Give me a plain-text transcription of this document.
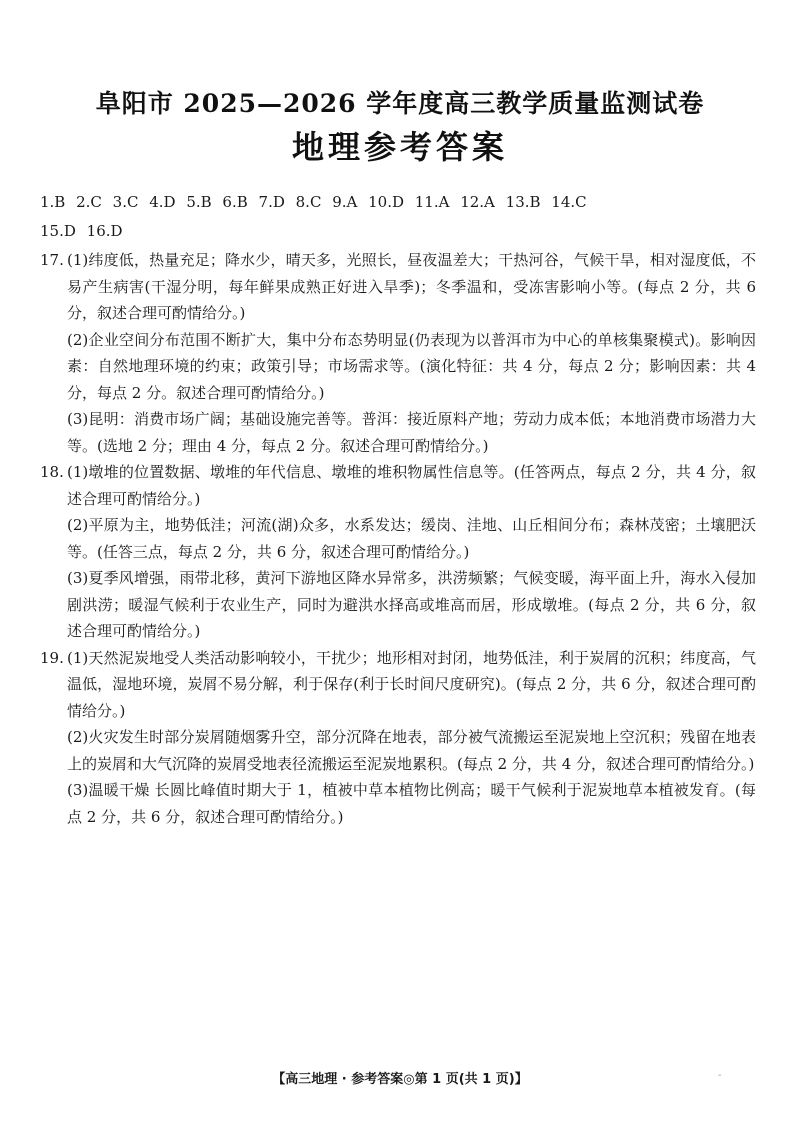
阜阳市 2025—2026 学年度高三教学质量监测试卷
地理参考答案
1.B 2.C 3.C 4.D 5.B 6.B 7.D 8.C 9.A 10.D 11.A 12.A 13.B 14.C
15.D 16.D

17. (1)纬度低，热量充足；降水少，晴天多，光照长，昼夜温差大；干热河谷，气候干旱，相对湿度低，不易产生病害(干湿分明，每年鲜果成熟正好进入旱季)；冬季温和，受冻害影响小等。(每点 2 分，共 6 分，叙述合理可酌情给分。)

(2)企业空间分布范围不断扩大，集中分布态势明显(仍表现为以普洱市为中心的单核集聚模式)。影响因素：自然地理环境的约束；政策引导；市场需求等。(演化特征：共 4 分，每点 2 分；影响因素：共 4 分，每点 2 分。叙述合理可酌情给分。)

(3)昆明：消费市场广阔；基础设施完善等。普洱：接近原料产地；劳动力成本低；本地消费市场潜力大等。(选地 2 分；理由 4 分，每点 2 分。叙述合理可酌情给分。)

18. (1)墩堆的位置数据、墩堆的年代信息、墩堆的堆积物属性信息等。(任答两点，每点 2 分，共 4 分，叙述合理可酌情给分。)

(2)平原为主，地势低洼；河流(湖)众多，水系发达；缓岗、洼地、山丘相间分布；森林茂密；土壤肥沃等。(任答三点，每点 2 分，共 6 分，叙述合理可酌情给分。)

(3)夏季风增强，雨带北移，黄河下游地区降水异常多，洪涝频繁；气候变暖，海平面上升，海水入侵加剧洪涝；暖湿气候利于农业生产，同时为避洪水择高或堆高而居，形成墩堆。(每点 2 分，共 6 分，叙述合理可酌情给分。)

19. (1)天然泥炭地受人类活动影响较小，干扰少；地形相对封闭，地势低洼，利于炭屑的沉积；纬度高，气温低，湿地环境，炭屑不易分解，利于保存(利于长时间尺度研究)。(每点 2 分，共 6 分，叙述合理可酌情给分。)

(2)火灾发生时部分炭屑随烟雾升空，部分沉降在地表，部分被气流搬运至泥炭地上空沉积；残留在地表上的炭屑和大气沉降的炭屑受地表径流搬运至泥炭地累积。(每点 2 分，共 4 分，叙述合理可酌情给分。)

(3)温暖干燥 长圆比峰值时期大于 1，植被中草本植物比例高；暖干气候利于泥炭地草本植被发育。(每点 2 分，共 6 分，叙述合理可酌情给分。)

【高三地理 · 参考答案◎第 1 页(共 1 页)】	-
